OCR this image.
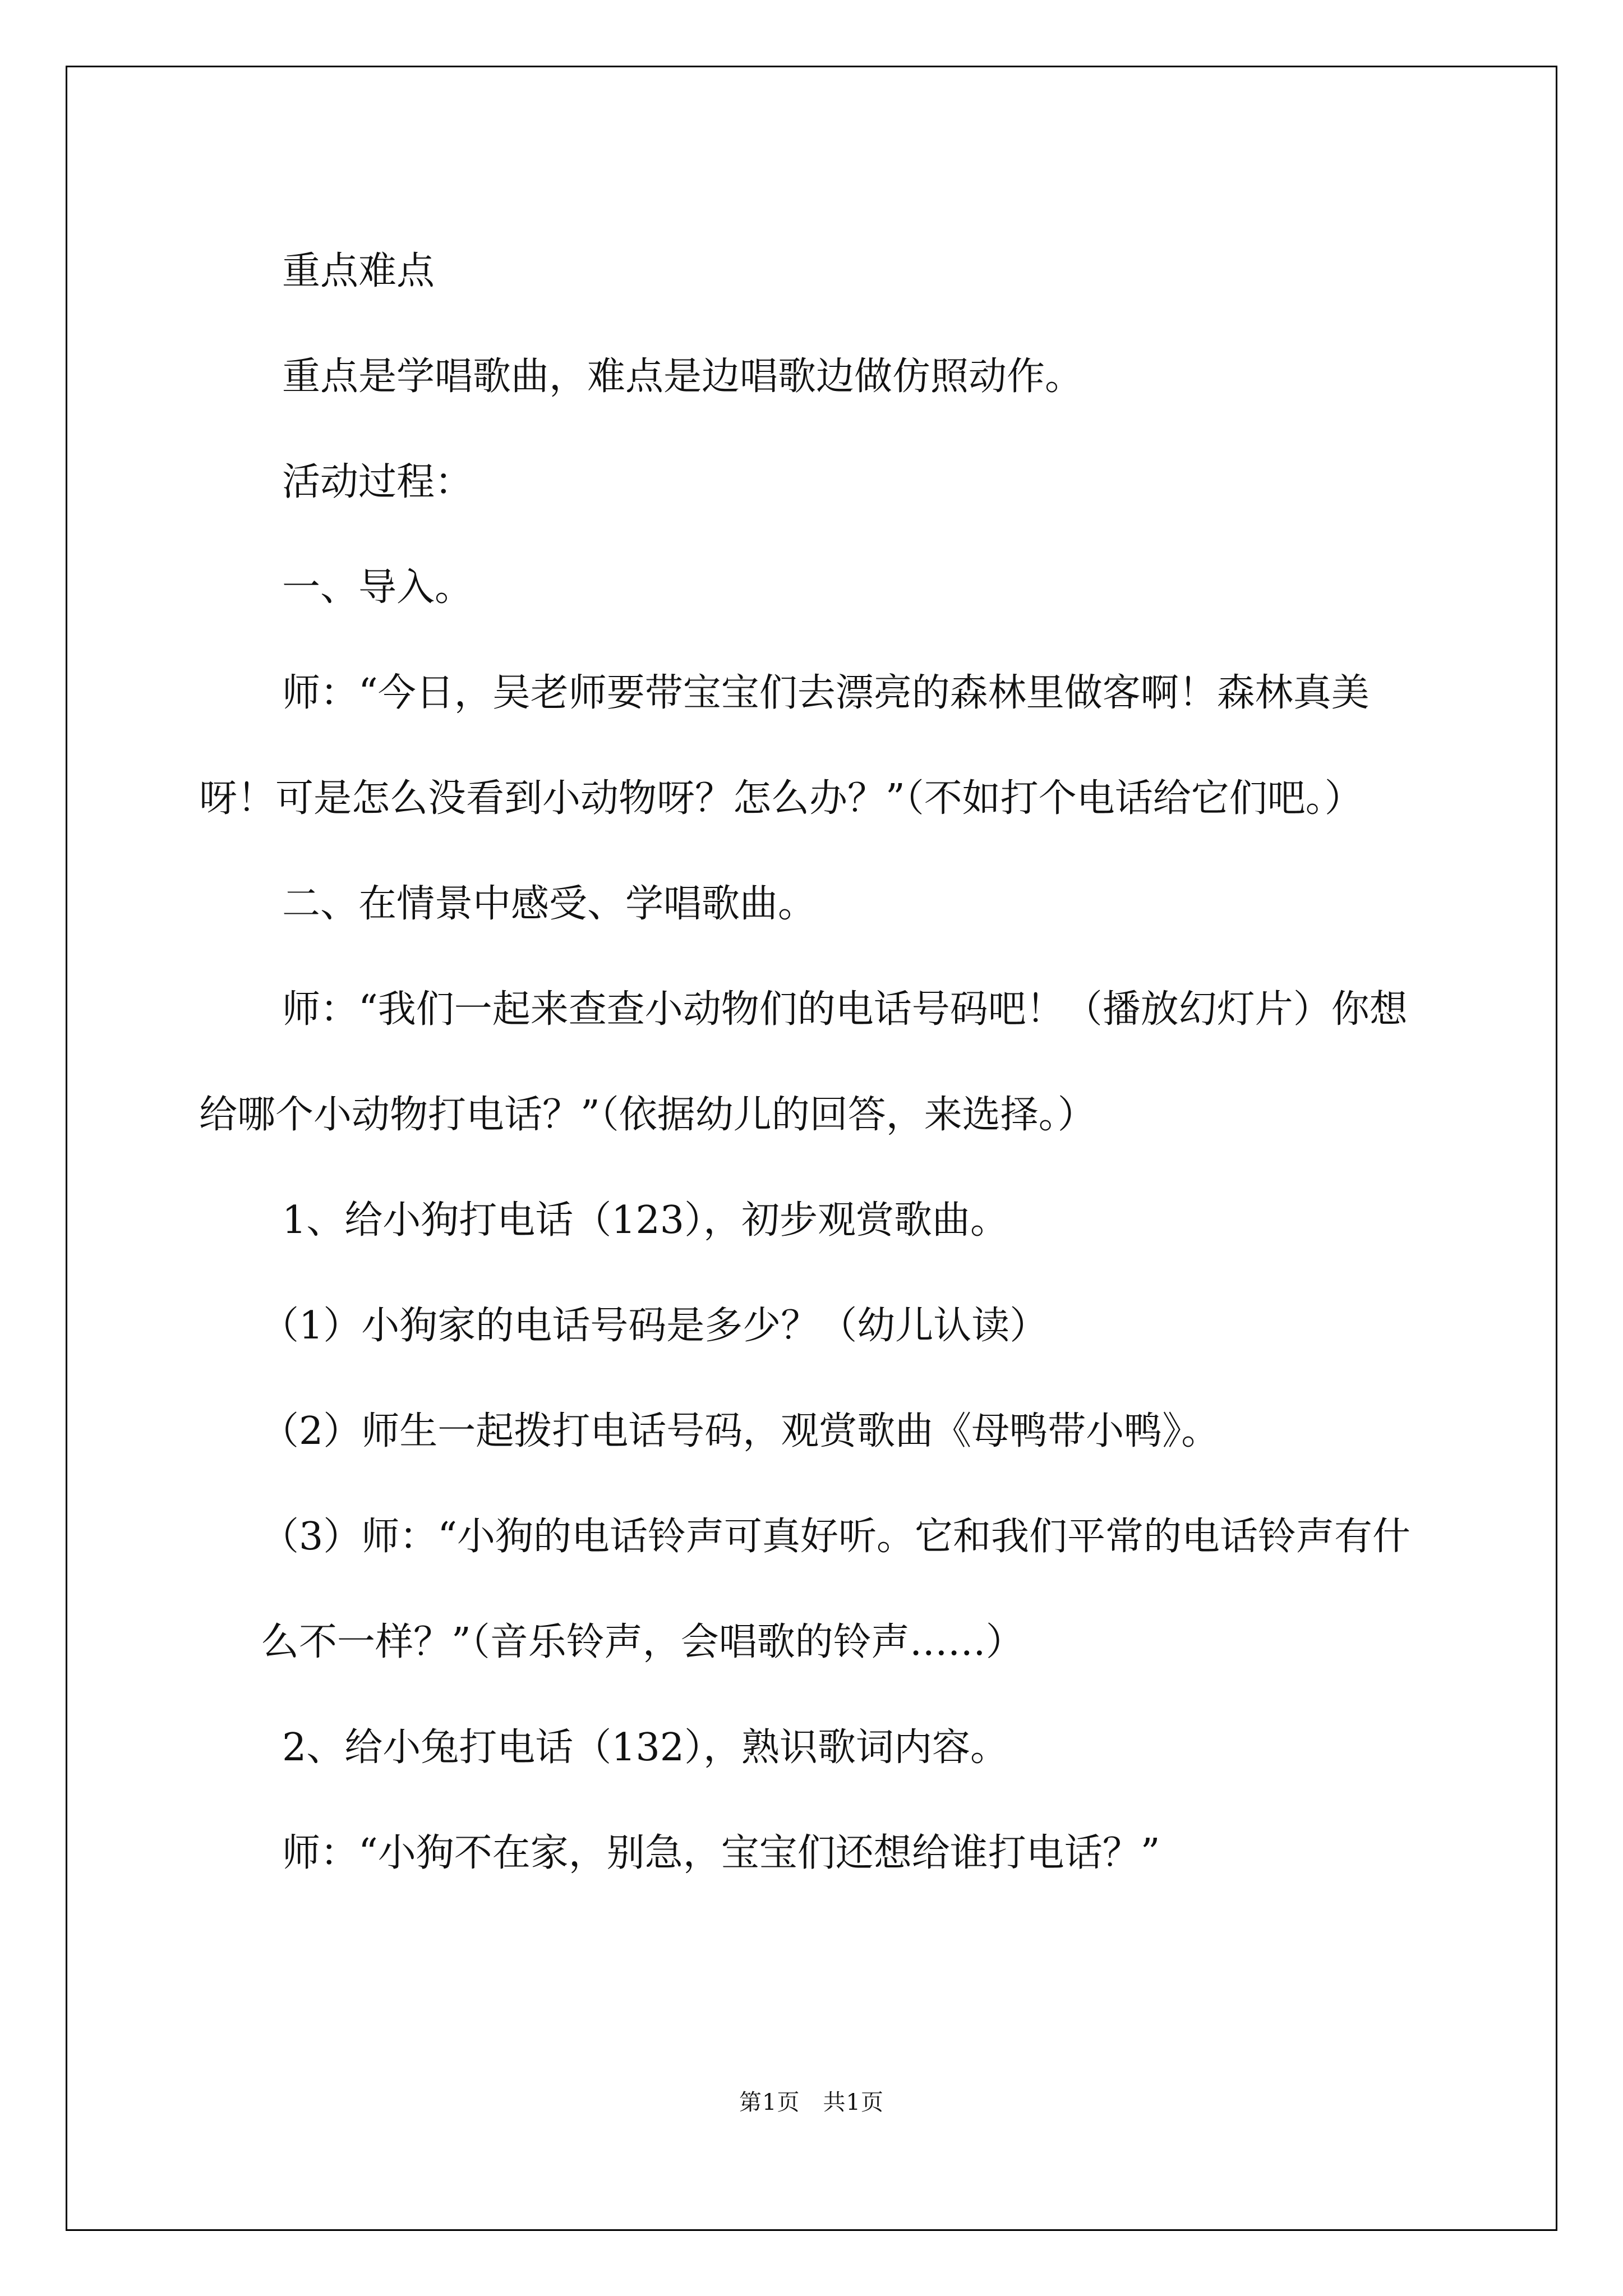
重点难点

重点是学唱歌曲，难点是边唱歌边做仿照动作。

活动过程：

一、导入。

师：“今日，吴老师要带宝宝们去漂亮的森林里做客啊！森林真美呀！可是怎么没看到小动物呀？怎么办？”（不如打个电话给它们吧。）

二、在情景中感受、学唱歌曲。

师：“我们一起来查查小动物们的电话号码吧！（播放幻灯片）你想给哪个小动物打电话？”（依据幼儿的回答，来选择。）

1、给小狗打电话（123），初步观赏歌曲。

（1）小狗家的电话号码是多少？（幼儿认读）

（2）师生一起拨打电话号码，观赏歌曲《母鸭带小鸭》。

（3）师：“小狗的电话铃声可真好听。它和我们平常的电话铃声有什么不一样？”（音乐铃声，会唱歌的铃声……）

2、给小兔打电话（132），熟识歌词内容。

师：“小狗不在家，别急，宝宝们还想给谁打电话？”

第1页　共1页
